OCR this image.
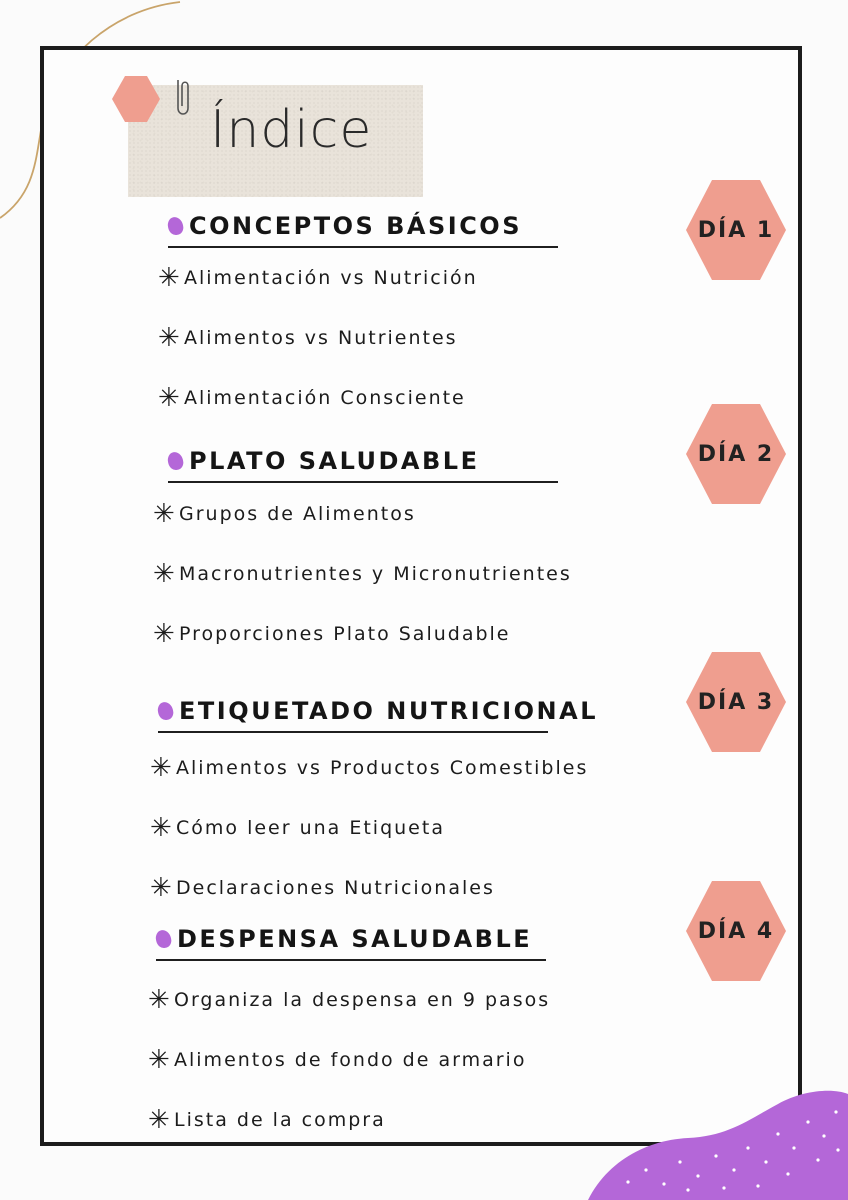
Índice
CONCEPTOS BÁSICOS
✳ Alimentación vs Nutrición
✳ Alimentos vs Nutrientes
✳ Alimentación Consciente
PLATO SALUDABLE
✳ Grupos de Alimentos
✳ Macronutrientes y Micronutrientes
✳ Proporciones Plato Saludable
ETIQUETADO NUTRICIONAL
✳ Alimentos vs Productos Comestibles
✳ Cómo leer una Etiqueta
✳ Declaraciones Nutricionales
DESPENSA SALUDABLE
✳ Organiza la despensa en 9 pasos
✳ Alimentos de fondo de armario
✳ Lista de la compra
DÍA 1
DÍA 2
DÍA 3
DÍA 4
